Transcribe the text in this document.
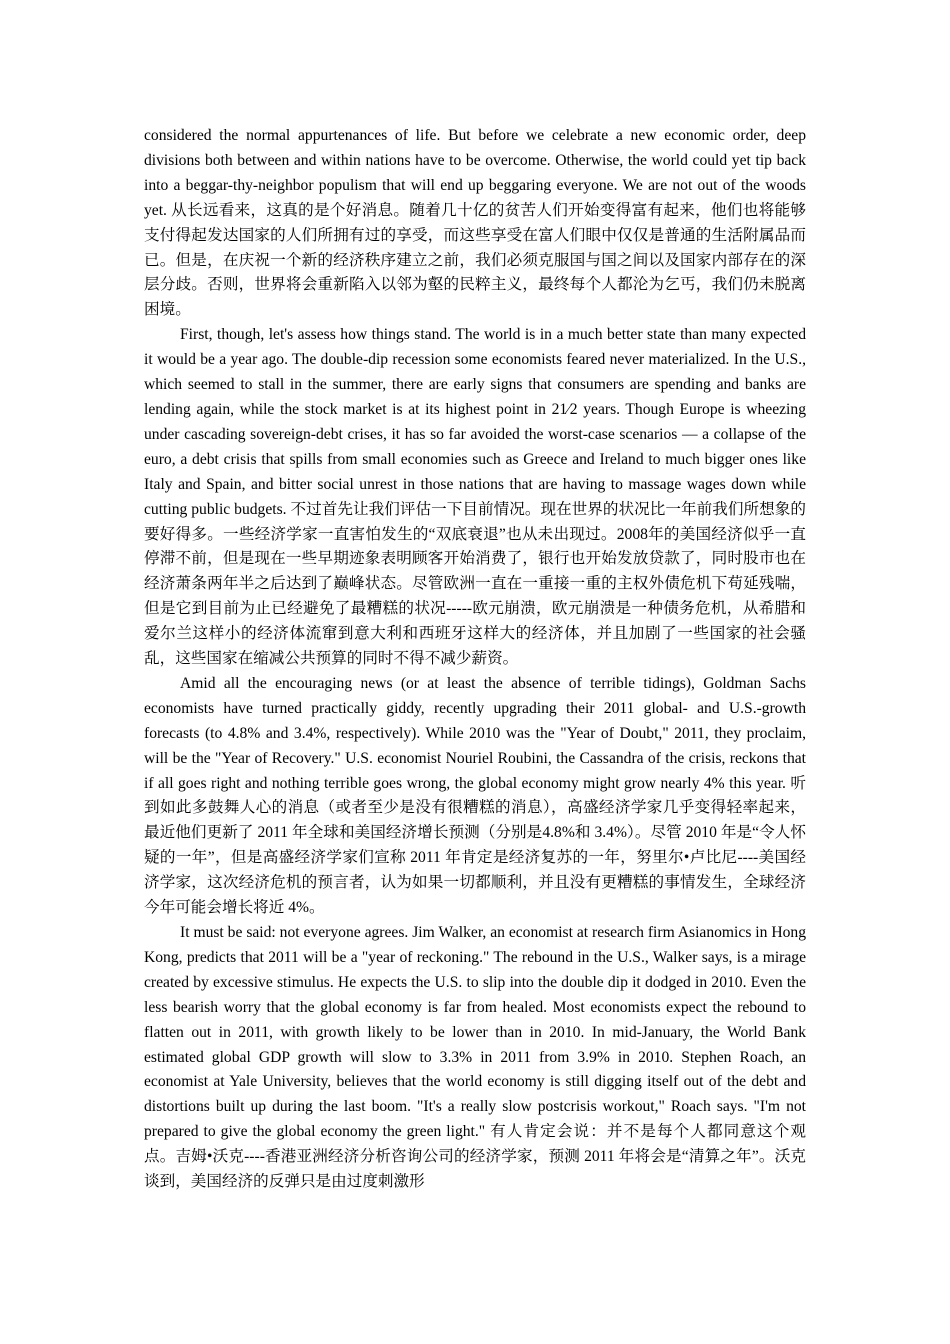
considered the normal appurtenances of life. But before we celebrate a new economic order, deep divisions both between and within nations have to be overcome. Otherwise, the world could yet tip back into a beggar-thy-neighbor populism that will end up beggaring everyone. We are not out of the woods yet. 从长远看来，这真的是个好消息。随着几十亿的贫苦人们开始变得富有起来，他们也将能够支付得起发达国家的人们所拥有过的享受，而这些享受在富人们眼中仅仅是普通的生活附属品而已。但是，在庆祝一个新的经济秩序建立之前，我们必须克服国与国之间以及国家内部存在的深层分歧。否则，世界将会重新陷入以邻为壑的民粹主义，最终每个人都沦为乞丐，我们仍未脱离困境。

First, though, let's assess how things stand. The world is in a much better state than many expected it would be a year ago. The double-dip recession some economists feared never materialized. In the U.S., which seemed to stall in the summer, there are early signs that consumers are spending and banks are lending again, while the stock market is at its highest point in 21⁄2 years. Though Europe is wheezing under cascading sovereign-debt crises, it has so far avoided the worst-case scenarios — a collapse of the euro, a debt crisis that spills from small economies such as Greece and Ireland to much bigger ones like Italy and Spain, and bitter social unrest in those nations that are having to massage wages down while cutting public budgets. 不过首先让我们评估一下目前情况。现在世界的状况比一年前我们所想象的要好得多。一些经济学家一直害怕发生的“双底衰退”也从未出现过。2008年的美国经济似乎一直停滞不前，但是现在一些早期迹象表明顾客开始消费了，银行也开始发放贷款了，同时股市也在经济萧条两年半之后达到了巅峰状态。尽管欧洲一直在一重接一重的主权外债危机下苟延残喘，但是它到目前为止已经避免了最糟糕的状况-----欧元崩溃，欧元崩溃是一种债务危机，从希腊和爱尔兰这样小的经济体流窜到意大利和西班牙这样大的经济体，并且加剧了一些国家的社会骚乱，这些国家在缩减公共预算的同时不得不减少薪资。

Amid all the encouraging news (or at least the absence of terrible tidings), Goldman Sachs economists have turned practically giddy, recently upgrading their 2011 global- and U.S.-growth forecasts (to 4.8% and 3.4%, respectively). While 2010 was the "Year of Doubt," 2011, they proclaim, will be the "Year of Recovery." U.S. economist Nouriel Roubini, the Cassandra of the crisis, reckons that if all goes right and nothing terrible goes wrong, the global economy might grow nearly 4% this year. 听到如此多鼓舞人心的消息（或者至少是没有很糟糕的消息），高盛经济学家几乎变得轻率起来，最近他们更新了 2011 年全球和美国经济增长预测（分别是4.8%和 3.4%）。尽管 2010 年是“令人怀疑的一年”，但是高盛经济学家们宣称 2011 年肯定是经济复苏的一年，努里尔•卢比尼----美国经济学家，这次经济危机的预言者，认为如果一切都顺利，并且没有更糟糕的事情发生，全球经济今年可能会增长将近 4%。

It must be said: not everyone agrees. Jim Walker, an economist at research firm Asianomics in Hong Kong, predicts that 2011 will be a "year of reckoning." The rebound in the U.S., Walker says, is a mirage created by excessive stimulus. He expects the U.S. to slip into the double dip it dodged in 2010. Even the less bearish worry that the global economy is far from healed. Most economists expect the rebound to flatten out in 2011, with growth likely to be lower than in 2010. In mid-January, the World Bank estimated global GDP growth will slow to 3.3% in 2011 from 3.9% in 2010. Stephen Roach, an economist at Yale University, believes that the world economy is still digging itself out of the debt and distortions built up during the last boom. "It's a really slow postcrisis workout," Roach says. "I'm not prepared to give the global economy the green light." 有人肯定会说：并不是每个人都同意这个观点。吉姆•沃克----香港亚洲经济分析咨询公司的经济学家，预测 2011 年将会是“清算之年”。沃克谈到，美国经济的反弹只是由过度刺激形
